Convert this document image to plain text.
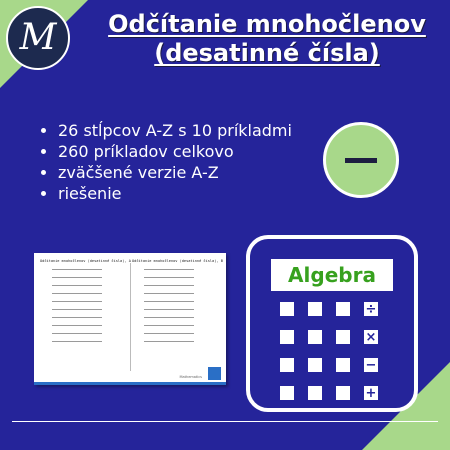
M	Odčítanie mnohočlenov
(desatinné čísla)
• 26 stĺpcov A-Z s 10 príkladmi
• 260 príkladov celkovo
• zväčšené verzie A-Z
• riešenie
Algebra
÷
×
−
+
Odčítanie mnohočlenov (desatinné čísla), A Odčítanie mnohočlenov (desatinné čísla), B
Mathematics
